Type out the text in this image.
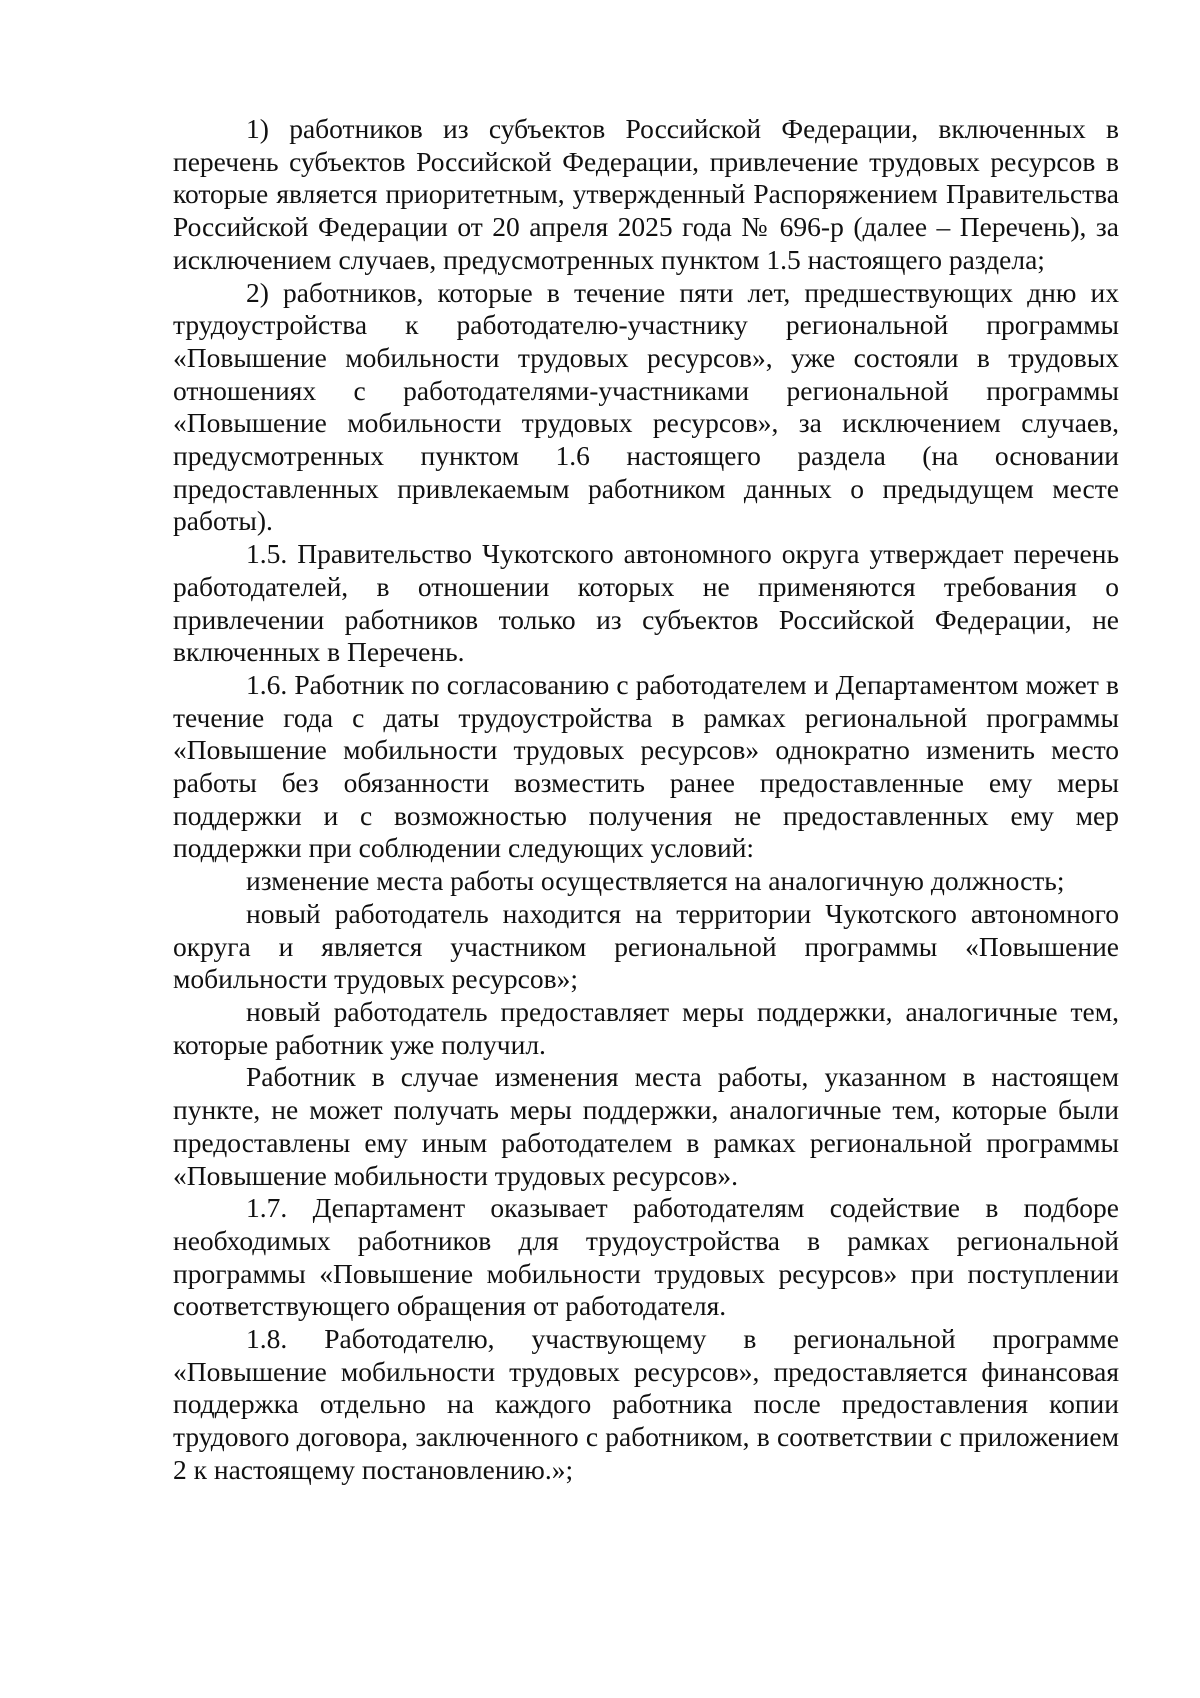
1) работников из субъектов Российской Федерации, включенных в перечень субъектов Российской Федерации, привлечение трудовых ресурсов в которые является приоритетным, утвержденный Распоряжением Правительства Российской Федерации от 20 апреля 2025 года № 696-р (далее – Перечень), за исключением случаев, предусмотренных пунктом 1.5 настоящего раздела;

2) работников, которые в течение пяти лет, предшествующих дню их трудоустройства к работодателю-участнику региональной программы «Повышение мобильности трудовых ресурсов», уже состояли в трудовых отношениях с работодателями-участниками региональной программы «Повышение мобильности трудовых ресурсов», за исключением случаев, предусмотренных пунктом 1.6 настоящего раздела (на основании предоставленных привлекаемым работником данных о предыдущем месте работы).

1.5. Правительство Чукотского автономного округа утверждает перечень работодателей, в отношении которых не применяются требования о привлечении работников только из субъектов Российской Федерации, не включенных в Перечень.

1.6. Работник по согласованию с работодателем и Департаментом может в течение года с даты трудоустройства в рамках региональной программы «Повышение мобильности трудовых ресурсов» однократно изменить место работы без обязанности возместить ранее предоставленные ему меры поддержки и с возможностью получения не предоставленных ему мер поддержки при соблюдении следующих условий:

изменение места работы осуществляется на аналогичную должность;

новый работодатель находится на территории Чукотского автономного округа и является участником региональной программы «Повышение мобильности трудовых ресурсов»;

новый работодатель предоставляет меры поддержки, аналогичные тем, которые работник уже получил.

Работник в случае изменения места работы, указанном в настоящем пункте, не может получать меры поддержки, аналогичные тем, которые были предоставлены ему иным работодателем в рамках региональной программы «Повышение мобильности трудовых ресурсов».

1.7. Департамент оказывает работодателям содействие в подборе необходимых работников для трудоустройства в рамках региональной программы «Повышение мобильности трудовых ресурсов» при поступлении соответствующего обращения от работодателя.

1.8. Работодателю, участвующему в региональной программе «Повышение мобильности трудовых ресурсов», предоставляется финансовая поддержка отдельно на каждого работника после предоставления копии трудового договора, заключенного с работником, в соответствии с приложением 2 к настоящему постановлению.»;
